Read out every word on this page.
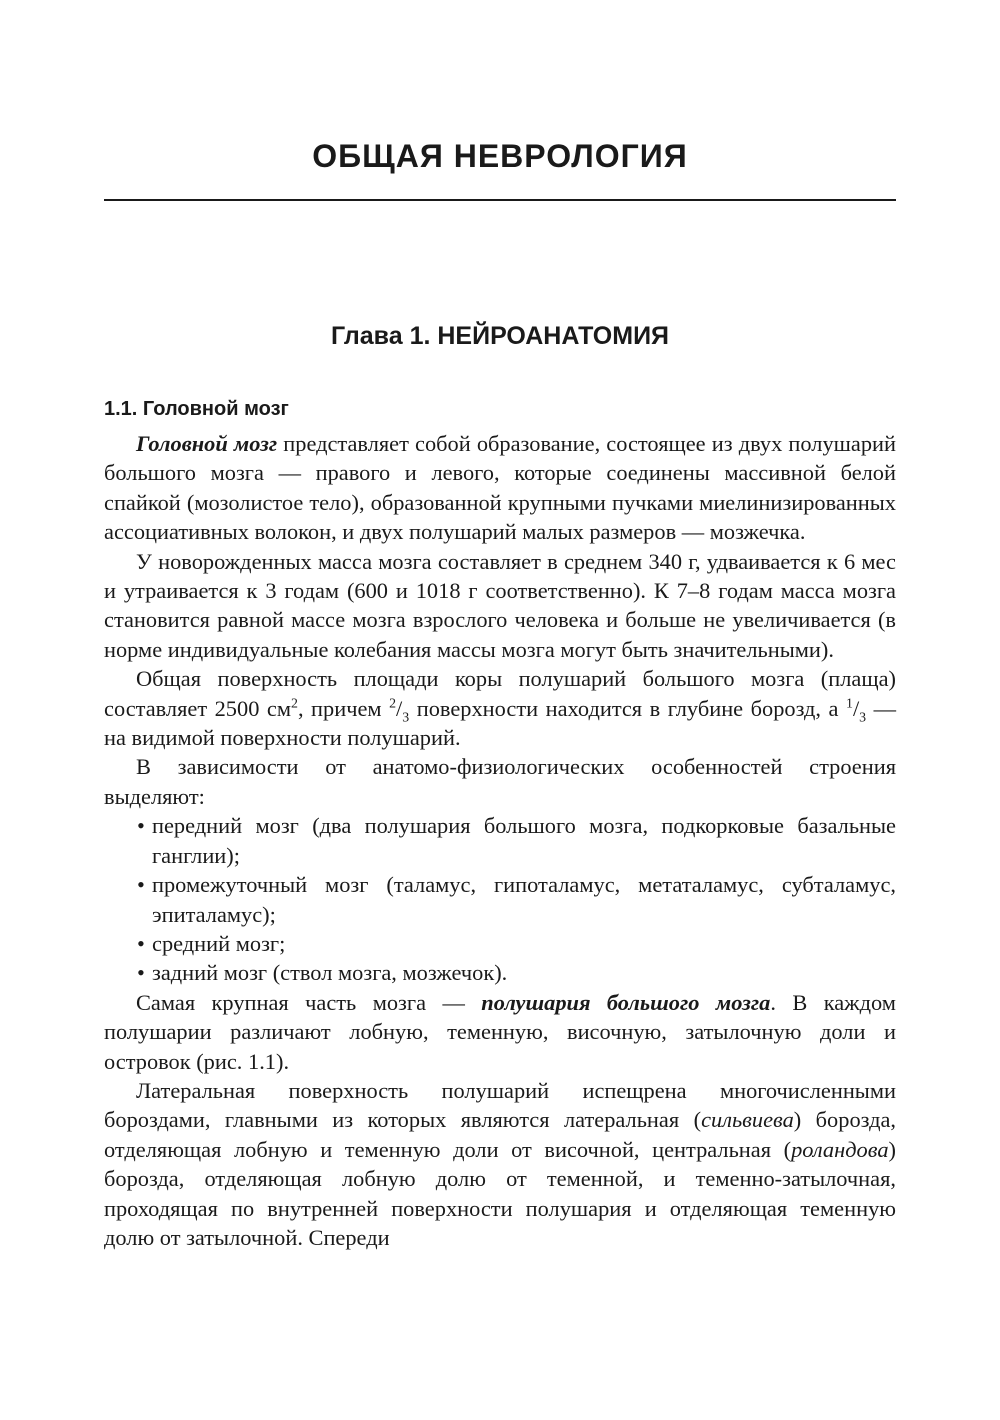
ОБЩАЯ НЕВРОЛОГИЯ
Глава 1. НЕЙРОАНАТОМИЯ
1.1. Головной мозг

Головной мозг представляет собой образование, состоящее из двух полушарий большого мозга — правого и левого, которые соединены массивной белой спайкой (мозолистое тело), образованной крупными пучками миелинизированных ассоциативных волокон, и двух полушарий малых размеров — мозжечка.

У новорожденных масса мозга составляет в среднем 340 г, удваивается к 6 мес и утраивается к 3 годам (600 и 1018 г соответственно). К 7–8 годам масса мозга становится равной массе мозга взрослого человека и больше не увеличивается (в норме индивидуальные колебания массы мозга могут быть значительными).

Общая поверхность площади коры полушарий большого мозга (плаща) составляет 2500 $см^2$, причем $^2/_3$ поверхности находится в глубине борозд, а $^1/_3$ — на видимой поверхности полушарий.

В зависимости от анатомо-физиологических особенностей строения выделяют:

• передний мозг (два полушария большого мозга, подкорковые базальные ганглии);
• промежуточный мозг (таламус, гипоталамус, метаталамус, субталамус, эпиталамус);
• средний мозг;
• задний мозг (ствол мозга, мозжечок).

Самая крупная часть мозга — полушария большого мозга. В каждом полушарии различают лобную, теменную, височную, затылочную доли и островок (рис. 1.1).

Латеральная поверхность полушарий испещрена многочисленными бороздами, главными из которых являются латеральная (сильвиева) борозда, отделяющая лобную и теменную доли от височной, центральная (роландова) борозда, отделяющая лобную долю от теменной, и теменно-затылочная, проходящая по внутренней поверхности полушария и отделяющая теменную долю от затылочной. Спереди
